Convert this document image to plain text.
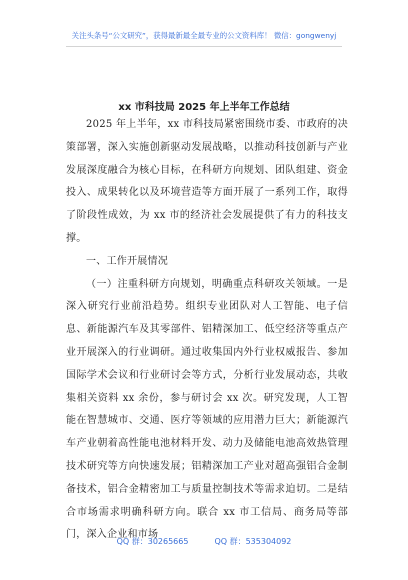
关注头条号“公文研究”，获得最新最全最专业的公文资料库！ 微信：gongwenyj
xx 市科技局 2025 年上半年工作总结

2025 年上半年，xx 市科技局紧密围绕市委、市政府的决策部署，深入实施创新驱动发展战略，以推动科技创新与产业发展深度融合为核心目标，在科研方向规划、团队组建、资金投入、成果转化以及环境营造等方面开展了一系列工作，取得了阶段性成效，为 xx 市的经济社会发展提供了有力的科技支撑。

一、工作开展情况

（一）注重科研方向规划，明确重点科研攻关领域。一是深入研究行业前沿趋势。组织专业团队对人工智能、电子信息、新能源汽车及其零部件、铝精深加工、低空经济等重点产业开展深入的行业调研。通过收集国内外行业权威报告、参加国际学术会议和行业研讨会等方式，分析行业发展动态，共收集相关资料 xx 余份，参与研讨会 xx 次。研究发现，人工智能在智慧城市、交通、医疗等领域的应用潜力巨大；新能源汽车产业朝着高性能电池材料开发、动力及储能电池高效热管理技术研究等方向快速发展；铝精深加工产业对超高强铝合金制备技术，铝合金精密加工与质量控制技术等需求迫切。二是结合市场需求明确科研方向。联合 xx 市工信局、商务局等部门，深入企业和市场

QQ 群：30265665	QQ 群：535304092
